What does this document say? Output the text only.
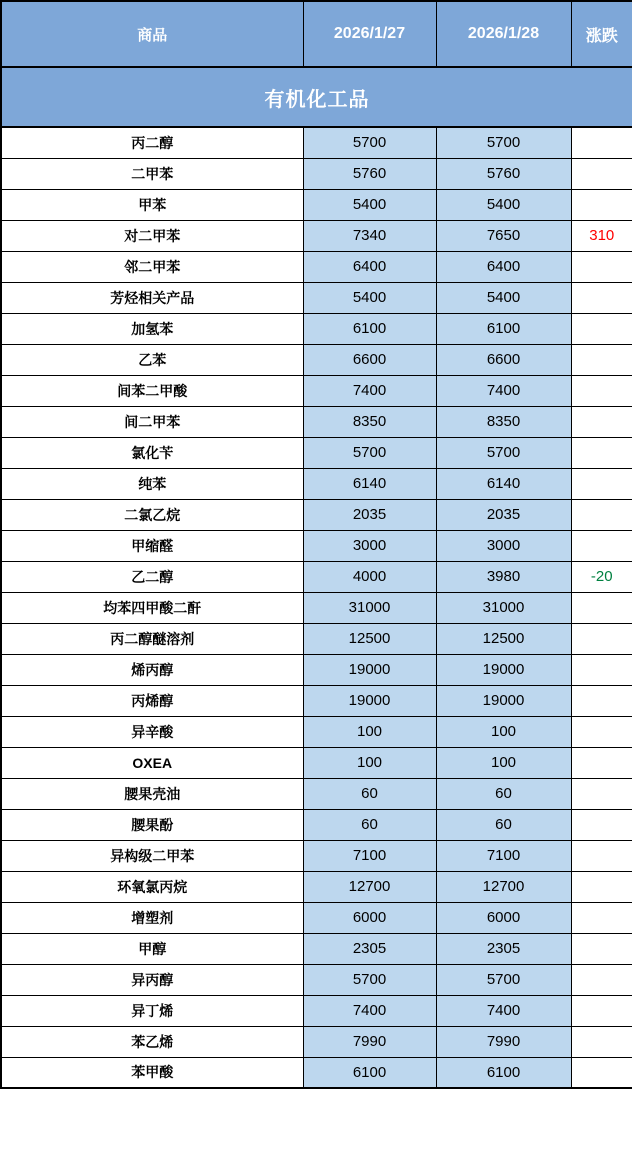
商品	2026/1/27	2026/1/28	涨跌
有机化工品			
丙二醇	5700	5700	
二甲苯	5760	5760	
甲苯	5400	5400	
对二甲苯	7340	7650	310
邻二甲苯	6400	6400	
芳烃相关产品	5400	5400	
加氢苯	6100	6100	
乙苯	6600	6600	
间苯二甲酸	7400	7400	
间二甲苯	8350	8350	
氯化苄	5700	5700	
纯苯	6140	6140	
二氯乙烷	2035	2035	
甲缩醛	3000	3000	
乙二醇	4000	3980	-20
均苯四甲酸二酐	31000	31000	
丙二醇醚溶剂	12500	12500	
烯丙醇	19000	19000	
丙烯醇	19000	19000	
异辛酸	100	100	
OXEA	100	100	
腰果壳油	60	60	
腰果酚	60	60	
异构级二甲苯	7100	7100	
环氧氯丙烷	12700	12700	
增塑剂	6000	6000	
甲醇	2305	2305	
异丙醇	5700	5700	
异丁烯	7400	7400	
苯乙烯	7990	7990	
苯甲酸	6100	6100	
